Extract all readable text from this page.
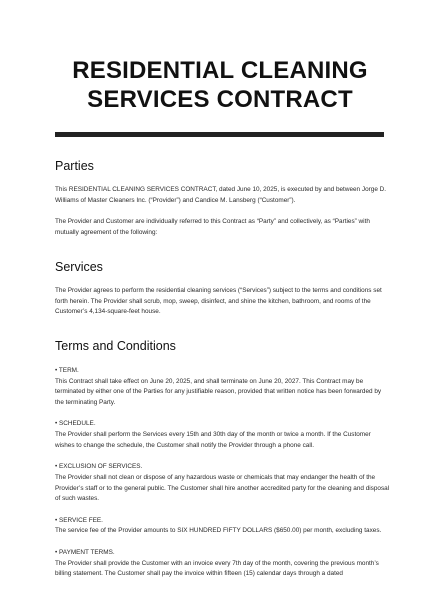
RESIDENTIAL CLEANING
SERVICES CONTRACT
Parties

This RESIDENTIAL CLEANING SERVICES CONTRACT, dated June 10, 2025, is executed by and between Jorge D. Williams of Master Cleaners Inc. (“Provider”) and Candice M. Lansberg (“Customer”).

The Provider and Customer are individually referred to this Contract as “Party” and collectively, as “Parties” with mutually agreement of the following:

Services

The Provider agrees to perform the residential cleaning services (“Services”) subject to the terms and conditions set forth herein. The Provider shall scrub, mop, sweep, disinfect, and shine the kitchen, bathroom, and rooms of the Customer’s 4,134-square-feet house.

Terms and Conditions

• TERM.

This Contract shall take effect on June 20, 2025, and shall terminate on June 20, 2027. This Contract may be terminated by either one of the Parties for any justifiable reason, provided that written notice has been forwarded by the terminating Party.

• SCHEDULE.

The Provider shall perform the Services every 15th and 30th day of the month or twice a month. If the Customer wishes to change the schedule, the Customer shall notify the Provider through a phone call.

• EXCLUSION OF SERVICES.

The Provider shall not clean or dispose of any hazardous waste or chemicals that may endanger the health of the Provider’s staff or to the general public. The Customer shall hire another accredited party for the cleaning and disposal of such wastes.

• SERVICE FEE.

The service fee of the Provider amounts to SIX HUNDRED FIFTY DOLLARS ($650.00) per month, excluding taxes.

• PAYMENT TERMS.

The Provider shall provide the Customer with an invoice every 7th day of the month, covering the previous month’s billing statement. The Customer shall pay the invoice within fifteen (15) calendar days through a dated
